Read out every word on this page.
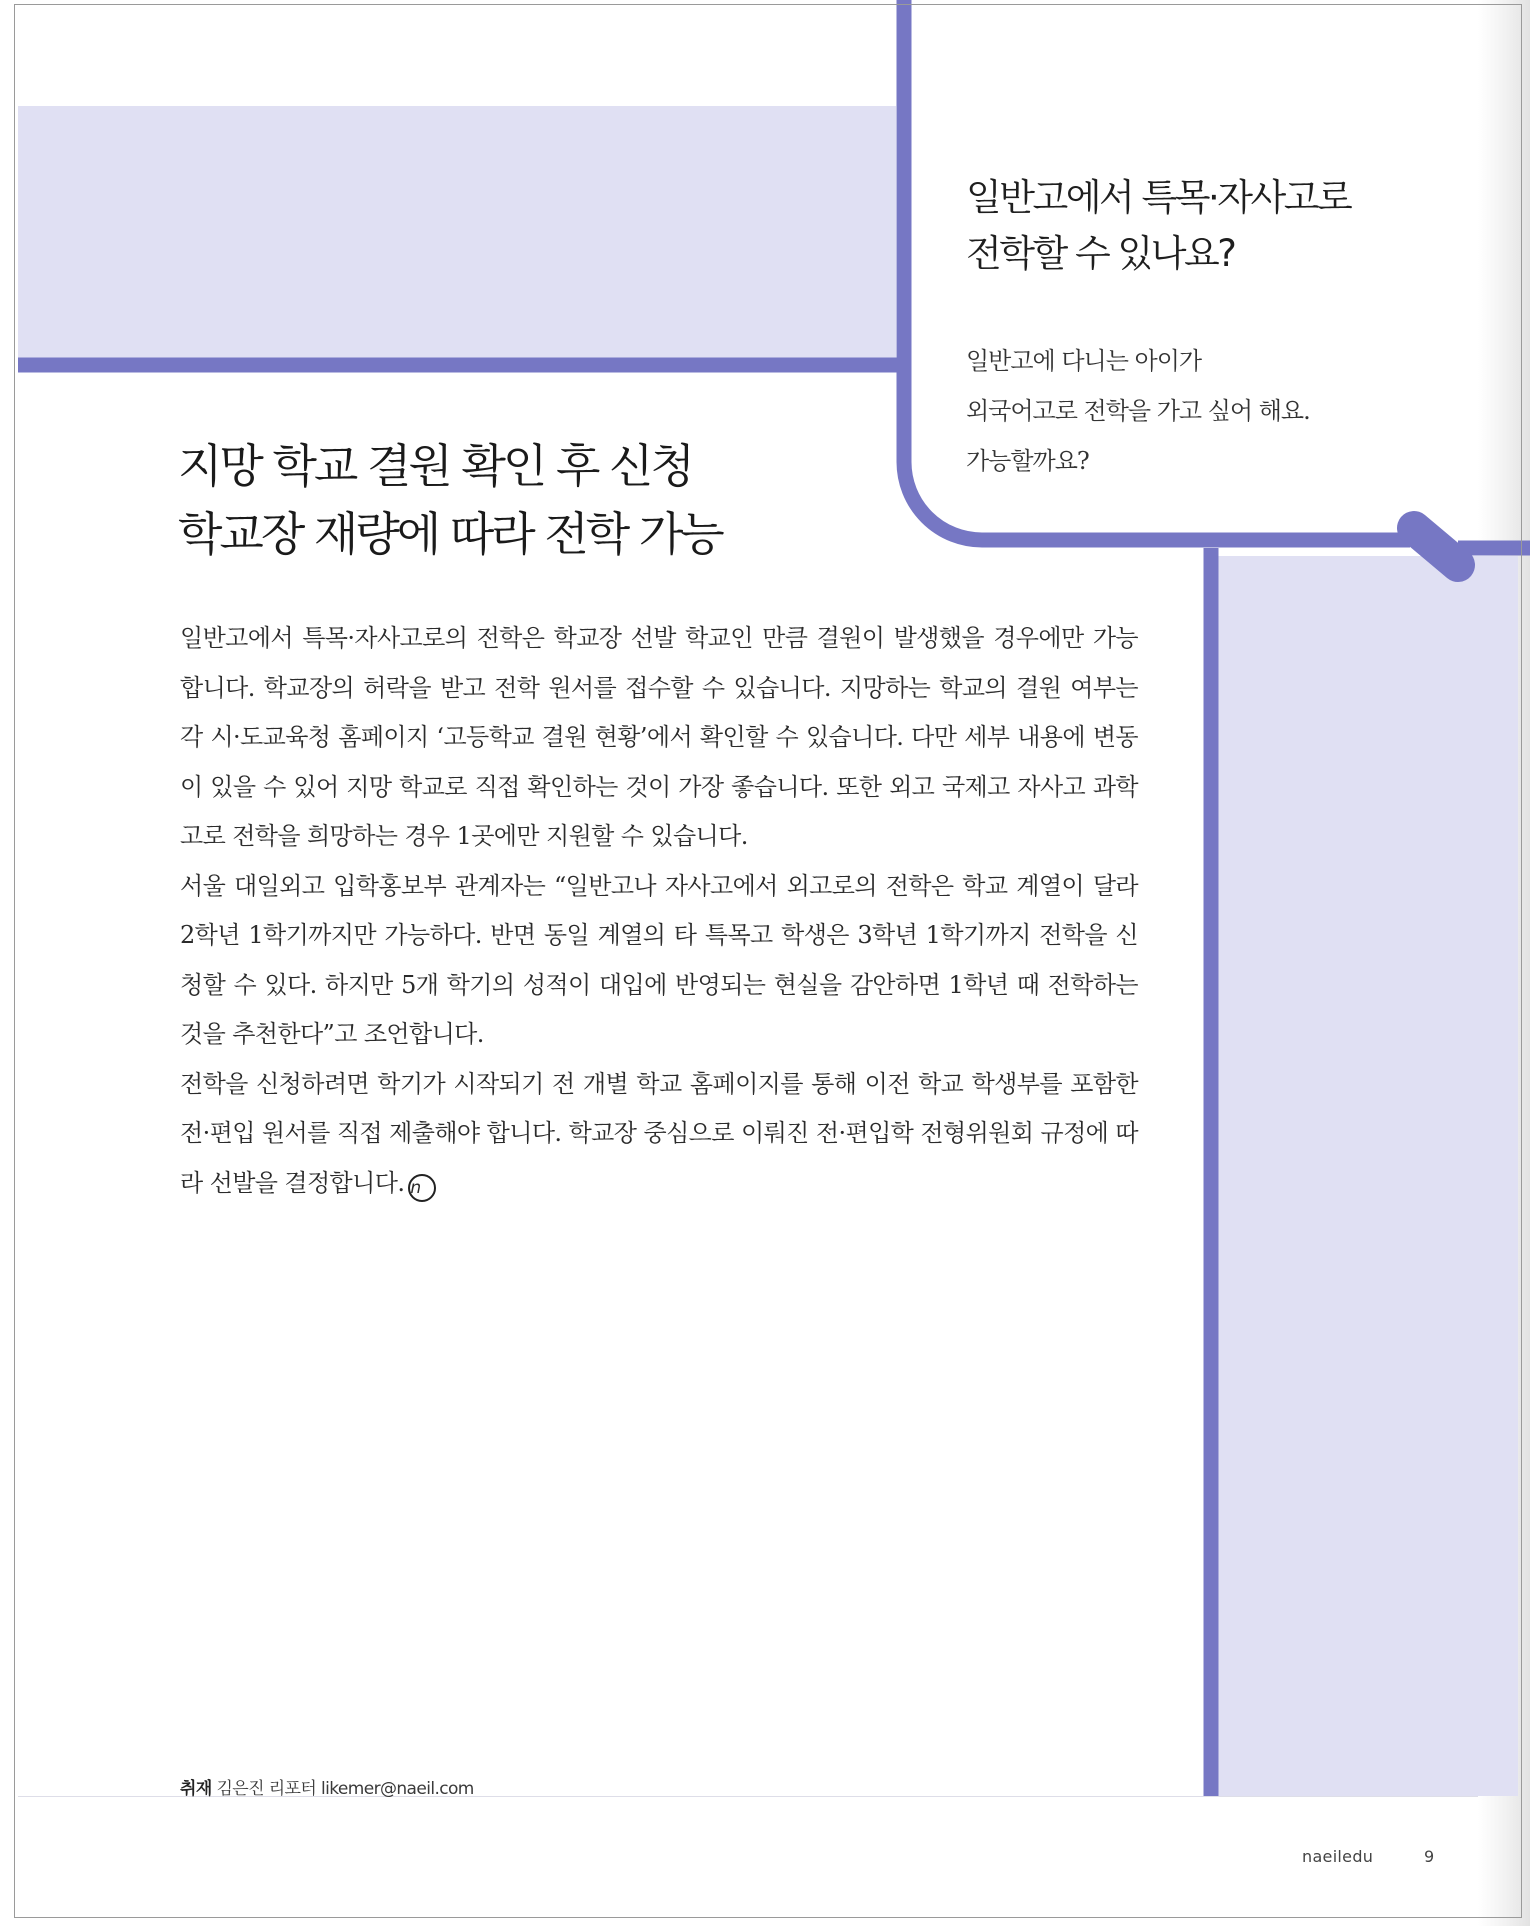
일반고에서 특목·자사고로
전학할 수 있나요?
일반고에 다니는 아이가
외국어고로 전학을 가고 싶어 해요.
가능할까요?
지망 학교 결원 확인 후 신청
학교장 재량에 따라 전학 가능

일반고에서 특목·자사고로의 전학은 학교장 선발 학교인 만큼 결원이 발생했을 경우에만 가능합니다. 학교장의 허락을 받고 전학 원서를 접수할 수 있습니다. 지망하는 학교의 결원 여부는 각 시·도교육청 홈페이지 ‘고등학교 결원 현황’에서 확인할 수 있습니다. 다만 세부 내용에 변동이 있을 수 있어 지망 학교로 직접 확인하는 것이 가장 좋습니다. 또한 외고 국제고 자사고 과학고로 전학을 희망하는 경우 1곳에만 지원할 수 있습니다.

서울 대일외고 입학홍보부 관계자는 “일반고나 자사고에서 외고로의 전학은 학교 계열이 달라 2학년 1학기까지만 가능하다. 반면 동일 계열의 타 특목고 학생은 3학년 1학기까지 전학을 신청할 수 있다. 하지만 5개 학기의 성적이 대입에 반영되는 현실을 감안하면 1학년 때 전학하는 것을 추천한다”고 조언합니다.

전학을 신청하려면 학기가 시작되기 전 개별 학교 홈페이지를 통해 이전 학교 학생부를 포함한 전·편입 원서를 직접 제출해야 합니다. 학교장 중심으로 이뤄진 전·편입학 전형위원회 규정에 따라 선발을 결정합니다. n

취재 김은진 리포터 likemer@naeil.com
naeiledu	9
